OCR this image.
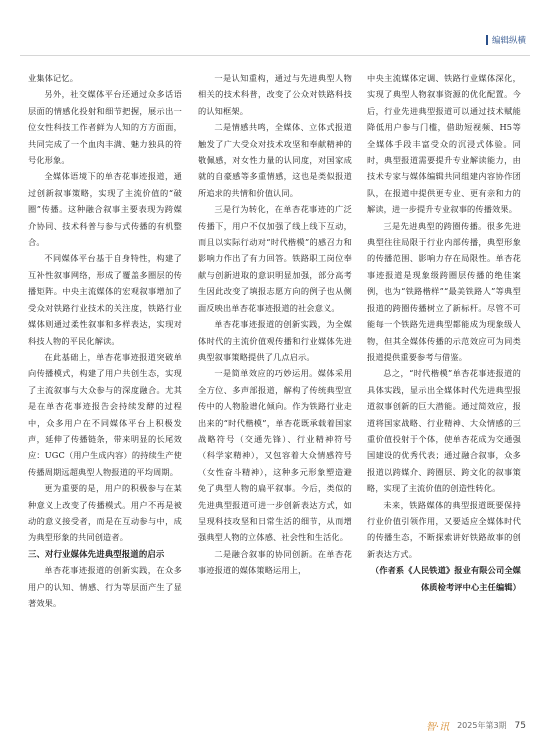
编辑纵横

业集体记忆。

另外，社交媒体平台还通过众多话语层面的情感化投射和细节把握，展示出一位女性科技工作者鲜为人知的方方面面，共同完成了一个血肉丰满、魅力独具的符号化形象。

全媒体语境下的单杏花事迹报道，通过创新叙事策略，实现了主流价值的“破圈”传播。这种融合叙事主要表现为跨媒介协同、技术科普与参与式传播的有机整合。

不同媒体平台基于自身特性，构建了互补性叙事网络，形成了覆盖多圈层的传播矩阵。中央主流媒体的宏观叙事增加了受众对铁路行业技术的关注度，铁路行业媒体则通过柔性叙事和多样表达，实现对科技人物的平民化解读。

在此基础上，单杏花事迹报道突破单向传播模式，构建了用户共创生态，实现了主流叙事与大众参与的深度融合。尤其是在单杏花事迹报告会持续发酵的过程中，众多用户在不同媒体平台上积极发声，延伸了传播链条，带来明显的长尾效应：UGC（用户生成内容）的持续生产使传播周期远超典型人物报道的平均周期。

更为重要的是，用户的积极参与在某种意义上改变了传播模式。用户不再是被动的意义接受者，而是在互动参与中，成为典型形象的共同创造者。

三、对行业媒体先进典型报道的启示

单杏花事迹报道的创新实践，在众多用户的认知、情感、行为等层面产生了显著效果。

一是认知重构，通过与先进典型人物相关的技术科普，改变了公众对铁路科技的认知框架。

二是情感共鸣，全媒体、立体式报道触发了广大受众对技术攻坚和奉献精神的敬佩感，对女性力量的认同度，对国家成就的自豪感等多重情感，这也是类似报道所追求的共情和价值认同。

三是行为转化，在单杏花事迹的广泛传播下，用户不仅加强了线上线下互动，而且以实际行动对“时代楷模”的感召力和影响力作出了有力回答。铁路职工岗位奉献与创新进取的意识明显加强，部分高考生因此改变了填报志愿方向的例子也从侧面反映出单杏花事迹报道的社会意义。

单杏花事迹报道的创新实践，为全媒体时代的主流价值观传播和行业媒体先进典型叙事策略提供了几点启示。

一是简单效应的巧妙运用。媒体采用全方位、多声部报道，解构了传统典型宣传中的人物脸谱化倾向。作为铁路行业走出来的“时代楷模”，单杏花既承载着国家战略符号（交通先锋）、行业精神符号（科学家精神），又包容着大众情感符号（女性奋斗精神），这种多元形象塑造避免了典型人物的扁平叙事。今后，类似的先进典型报道可进一步创新表达方式，如呈现科技攻坚和日常生活的细节，从而增强典型人物的立体感、社会性和生活化。

二是融合叙事的协同创新。在单杏花事迹报道的媒体策略运用上，

中央主流媒体定调、铁路行业媒体深化，实现了典型人物叙事资源的优化配置。今后，行业先进典型报道可以通过技术赋能降低用户参与门槛，借助短视频、H5等全媒体手段丰富受众的沉浸式体验。同时，典型报道需要提升专业解读能力，由技术专家与媒体编辑共同组建内容协作团队，在报道中提供更专业、更有亲和力的解读，进一步提升专业叙事的传播效果。

三是先进典型的跨圈传播。很多先进典型往往局限于行业内部传播，典型形象的传播范围、影响力存在局限性。单杏花事迹报道是现象级跨圈层传播的绝佳案例，也为“铁路楷样”“最美铁路人”等典型报道的跨圈传播树立了新标杆。尽管不可能每一个铁路先进典型都能成为现象级人物，但其全媒体传播的示范效应可为同类报道提供重要参考与借鉴。

总之，“时代楷模”单杏花事迹报道的具体实践，显示出全媒体时代先进典型报道叙事创新的巨大潜能。通过简效应，报道将国家战略、行业精神、大众情感的三重价值投射于个体，使单杏花成为交通强国建设的优秀代表；通过融合叙事，众多报道以跨媒介、跨圈层、跨文化的叙事策略，实现了主流价值的创造性转化。

未来，铁路媒体的典型报道既要保持行业价值引领作用，又要适应全媒体时代的传播生态，不断探索讲好铁路故事的创新表达方式。

（作者系《人民铁道》报业有限公司全媒体质检考评中心主任编辑）

智·讯 2025年第3期 75
